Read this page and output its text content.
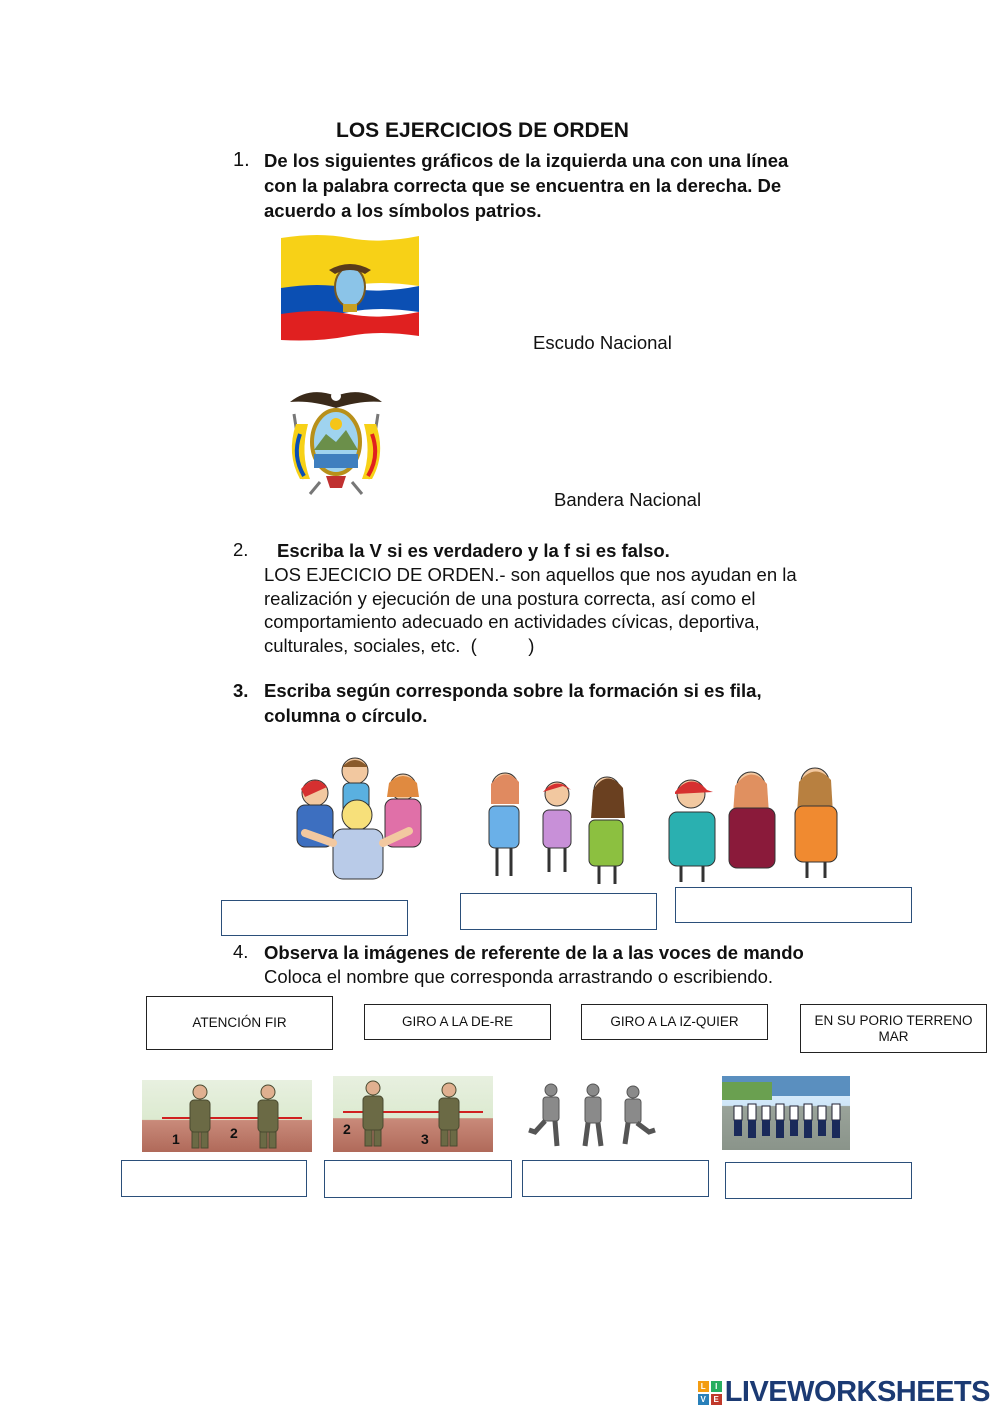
LOS EJERCICIOS DE ORDEN
1. De los siguientes gráficos de la izquierda una con una línea
con la palabra correcta que se encuentra en la derecha. De
acuerdo a los símbolos patrios.
Escudo Nacional
Bandera Nacional
2. Escriba la V si es verdadero y la f si es falso.
LOS EJECICIO DE ORDEN.- son aquellos que nos ayudan en la
realización y ejecución de una postura correcta, así como el
comportamiento adecuado en actividades cívicas, deportiva,
culturales, sociales, etc.  (          )
3. Escriba según corresponda sobre la formación si es fila,
columna o círculo.
4. Observa la imágenes de referente de la a las voces de mando
Coloca el nombre que corresponda arrastrando o escribiendo.
ATENCIÓN FIR	GIRO A LA DE-RE	GIRO A LA IZ-QUIER	EN SU PORIO TERRENO MAR
1	2	2
3
L	I
V E LIVEWORKSHEETS
